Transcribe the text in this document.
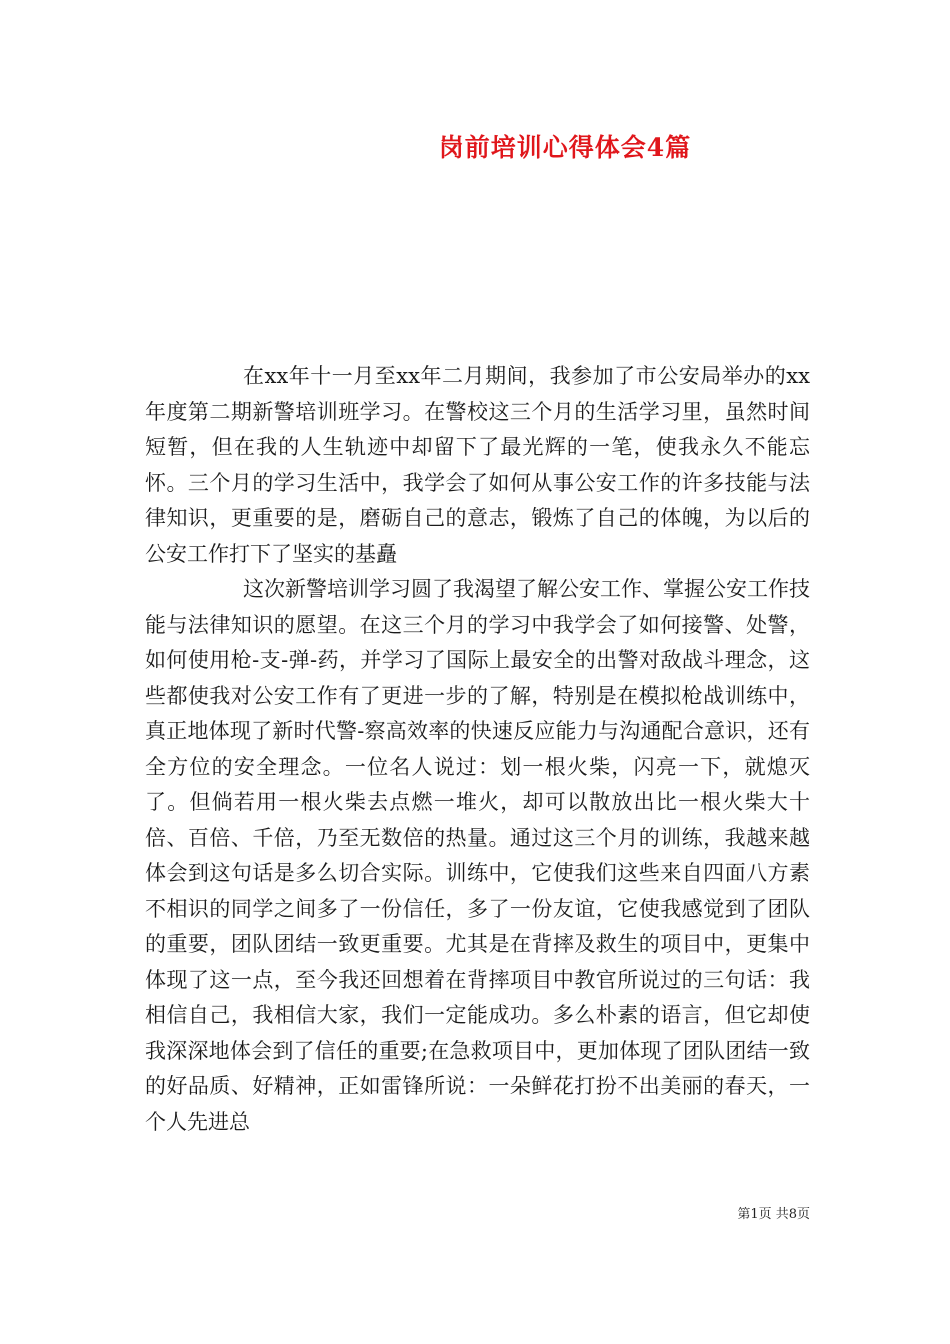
岗前培训心得体会4篇

在xx年十一月至xx年二月期间，我参加了市公安局举办的xx年度第二期新警培训班学习。在警校这三个月的生活学习里，虽然时间短暂，但在我的人生轨迹中却留下了最光辉的一笔，使我永久不能忘怀。三个月的学习生活中，我学会了如何从事公安工作的许多技能与法律知识，更重要的是，磨砺自己的意志，锻炼了自己的体魄，为以后的公安工作打下了坚实的基矗

这次新警培训学习圆了我渴望了解公安工作、掌握公安工作技能与法律知识的愿望。在这三个月的学习中我学会了如何接警、处警，如何使用枪-支-弹-药，并学习了国际上最安全的出警对敌战斗理念，这些都使我对公安工作有了更进一步的了解，特别是在模拟枪战训练中，真正地体现了新时代警-察高效率的快速反应能力与沟通配合意识，还有全方位的安全理念。一位名人说过：划一根火柴，闪亮一下，就熄灭了。但倘若用一根火柴去点燃一堆火，却可以散放出比一根火柴大十倍、百倍、千倍，乃至无数倍的热量。通过这三个月的训练，我越来越体会到这句话是多么切合实际。训练中，它使我们这些来自四面八方素不相识的同学之间多了一份信任，多了一份友谊，它使我感觉到了团队的重要，团队团结一致更重要。尤其是在背摔及救生的项目中，更集中体现了这一点，至今我还回想着在背摔项目中教官所说过的三句话：我相信自己，我相信大家，我们一定能成功。多么朴素的语言，但它却使我深深地体会到了信任的重要;在急救项目中，更加体现了团队团结一致的好品质、好精神，正如雷锋所说：一朵鲜花打扮不出美丽的春天，一个人先进总

第1页 共8页
